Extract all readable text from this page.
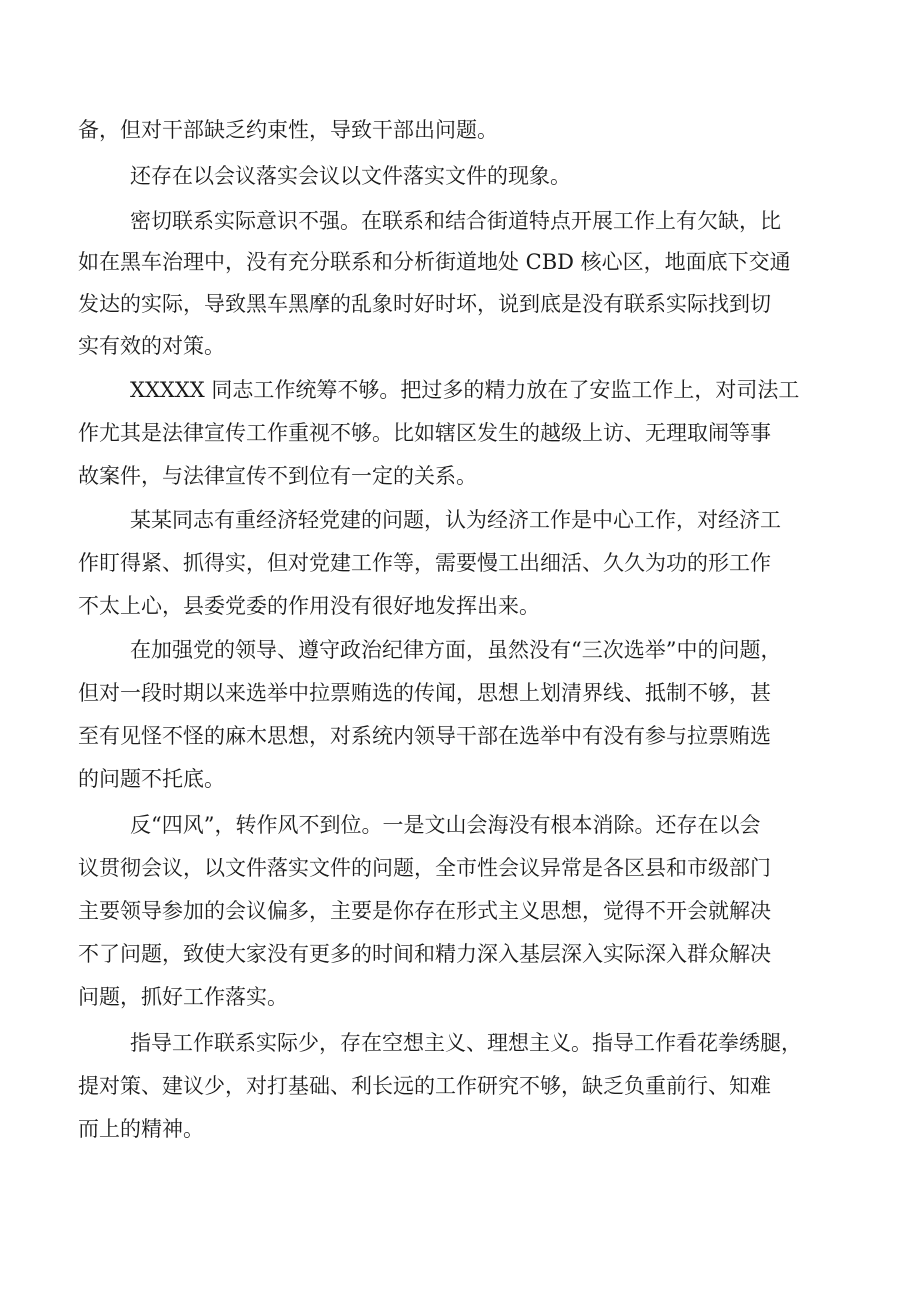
备，但对干部缺乏约束性，导致干部出问题。

还存在以会议落实会议以文件落实文件的现象。

密切联系实际意识不强。在联系和结合街道特点开展工作上有欠缺，比

如在黑车治理中，没有充分联系和分析街道地处 CBD 核心区，地面底下交通

发达的实际，导致黑车黑摩的乱象时好时坏，说到底是没有联系实际找到切

实有效的对策。

XXXXX 同志工作统筹不够。把过多的精力放在了安监工作上，对司法工

作尤其是法律宣传工作重视不够。比如辖区发生的越级上访、无理取闹等事

故案件，与法律宣传不到位有一定的关系。

某某同志有重经济轻党建的问题，认为经济工作是中心工作，对经济工

作盯得紧、抓得实，但对党建工作等，需要慢工出细活、久久为功的形工作

不太上心，县委党委的作用没有很好地发挥出来。

在加强党的领导、遵守政治纪律方面，虽然没有“三次选举”中的问题，

但对一段时期以来选举中拉票贿选的传闻，思想上划清界线、抵制不够，甚

至有见怪不怪的麻木思想，对系统内领导干部在选举中有没有参与拉票贿选

的问题不托底。

反“四风”，转作风不到位。一是文山会海没有根本消除。还存在以会

议贯彻会议，以文件落实文件的问题，全市性会议异常是各区县和市级部门

主要领导参加的会议偏多，主要是你存在形式主义思想，觉得不开会就解决

不了问题，致使大家没有更多的时间和精力深入基层深入实际深入群众解决

问题，抓好工作落实。

指导工作联系实际少，存在空想主义、理想主义。指导工作看花拳绣腿，

提对策、建议少，对打基础、利长远的工作研究不够，缺乏负重前行、知难

而上的精神。
